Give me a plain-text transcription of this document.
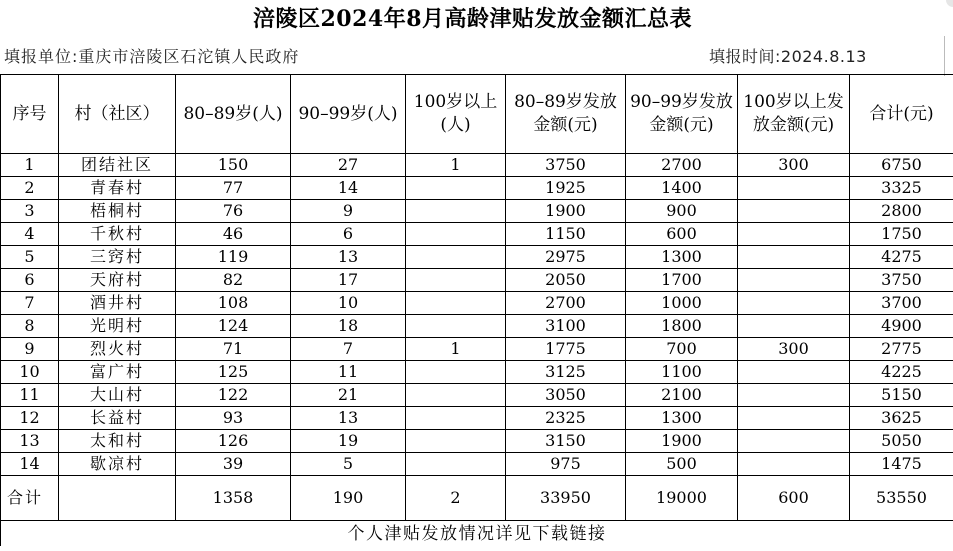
涪陵区2024年8月高龄津贴发放金额汇总表
填报单位:重庆市涪陵区石沱镇人民政府	填报时间:2024.8.13
序号	村（社区）	80–89岁(人)	90–99岁(人)	100岁以上(人)	80–89岁发放金额(元)	90–99岁发放金额(元)	100岁以上发放金额(元)	合计(元)
1	团结社区	150	27	1	3750	2700	300	6750
2	青春村	77	14		1925	1400		3325
3	梧桐村	76	9		1900	900		2800
4	千秋村	46	6		1150	600		1750
5	三窍村	119	13		2975	1300		4275
6	天府村	82	17		2050	1700		3750
7	酒井村	108	10		2700	1000		3700
8	光明村	124	18		3100	1800		4900
9	烈火村	71	7	1	1775	700	300	2775
10	富广村	125	11		3125	1100		4225
11	大山村	122	21		3050	2100		5150
12	长益村	93	13		2325	1300		3625
13	太和村	126	19		3150	1900		5050
14	歇凉村	39	5		975	500		1475
合计		1358	190	2	33950	19000	600	53550
个人津贴发放情况详见下载链接								
